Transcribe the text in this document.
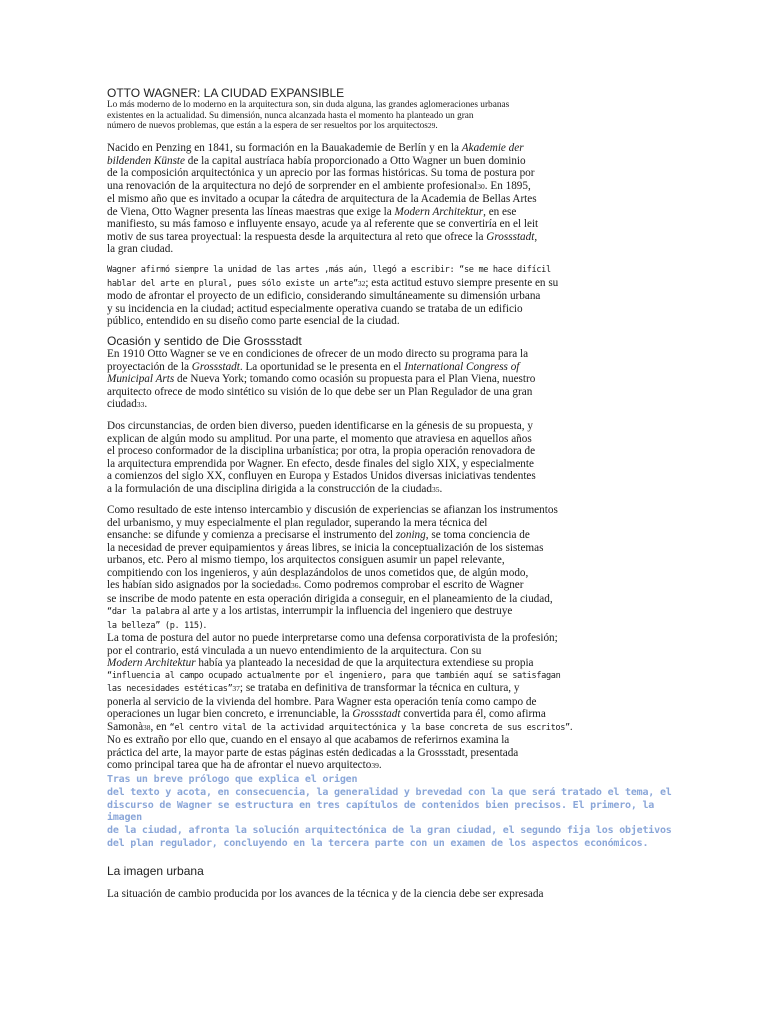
OTTO WAGNER: LA CIUDAD EXPANSIBLE
Lo más moderno de lo moderno en la arquitectura son, sin duda alguna, las grandes aglomeraciones urbanas
existentes en la actualidad. Su dimensión, nunca alcanzada hasta el momento ha planteado un gran
número de nuevos problemas, que están a la espera de ser resueltos por los arquitectos29.
Nacido en Penzing en 1841, su formación en la Bauakademie de Berlín y en la Akademie der
bildenden Künste de la capital austríaca había proporcionado a Otto Wagner un buen dominio
de la composición arquitectónica y un aprecio por las formas históricas. Su toma de postura por
una renovación de la arquitectura no dejó de sorprender en el ambiente profesional30. En 1895,
el mismo año que es invitado a ocupar la cátedra de arquitectura de la Academia de Bellas Artes
de Viena, Otto Wagner presenta las líneas maestras que exige la Modern Architektur, en ese
manifiesto, su más famoso e influyente ensayo, acude ya al referente que se convertiría en el leit
motiv de sus tarea proyectual: la respuesta desde la arquitectura al reto que ofrece la Grossstadt,
la gran ciudad.
Wagner afirmó siempre la unidad de las artes ,más aún, llegó a escribir: “se me hace difícil
hablar del arte en plural, pues sólo existe un arte”32; esta actitud estuvo siempre presente en su
modo de afrontar el proyecto de un edificio, considerando simultáneamente su dimensión urbana
y su incidencia en la ciudad; actitud especialmente operativa cuando se trataba de un edificio
público, entendido en su diseño como parte esencial de la ciudad.
Ocasión y sentido de Die Grossstadt
En 1910 Otto Wagner se ve en condiciones de ofrecer de un modo directo su programa para la
proyectación de la Grossstadt. La oportunidad se le presenta en el International Congress of
Municipal Arts de Nueva York; tomando como ocasión su propuesta para el Plan Viena, nuestro
arquitecto ofrece de modo sintético su visión de lo que debe ser un Plan Regulador de una gran
ciudad33.
Dos circunstancias, de orden bien diverso, pueden identificarse en la génesis de su propuesta, y
explican de algún modo su amplitud. Por una parte, el momento que atraviesa en aquellos años
el proceso conformador de la disciplina urbanística; por otra, la propia operación renovadora de
la arquitectura emprendida por Wagner. En efecto, desde finales del siglo XIX, y especialmente
a comienzos del siglo XX, confluyen en Europa y Estados Unidos diversas iniciativas tendentes
a la formulación de una disciplina dirigida a la construcción de la ciudad35.
Como resultado de este intenso intercambio y discusión de experiencias se afianzan los instrumentos
del urbanismo, y muy especialmente el plan regulador, superando la mera técnica del
ensanche: se difunde y comienza a precisarse el instrumento del zoning, se toma conciencia de
la necesidad de prever equipamientos y áreas libres, se inicia la conceptualización de los sistemas
urbanos, etc. Pero al mismo tiempo, los arquitectos consiguen asumir un papel relevante,
compitiendo con los ingenieros, y aún desplazándolos de unos cometidos que, de algún modo,
les habían sido asignados por la sociedad36. Como podremos comprobar el escrito de Wagner
se inscribe de modo patente en esta operación dirigida a conseguir, en el planeamiento de la ciudad,
“dar la palabra al arte y a los artistas, interrumpir la influencia del ingeniero que destruye
la belleza” (p. 115).
La toma de postura del autor no puede interpretarse como una defensa corporativista de la profesión;
por el contrario, está vinculada a un nuevo entendimiento de la arquitectura. Con su
Modern Architektur había ya planteado la necesidad de que la arquitectura extendiese su propia
“influencia al campo ocupado actualmente por el ingeniero, para que también aquí se satisfagan
las necesidades estéticas”37; se trataba en definitiva de transformar la técnica en cultura, y
ponerla al servicio de la vivienda del hombre. Para Wagner esta operación tenía como campo de
operaciones un lugar bien concreto, e irrenunciable, la Grossstadt convertida para él, como afirma
Samonà38, en “el centro vital de la actividad arquitectónica y la base concreta de sus escritos”.
No es extraño por ello que, cuando en el ensayo al que acabamos de referirnos examina la
práctica del arte, la mayor parte de estas páginas estén dedicadas a la Grossstadt, presentada
como principal tarea que ha de afrontar el nuevo arquitecto39.
Tras un breve prólogo que explica el origen
del texto y acota, en consecuencia, la generalidad y brevedad con la que será tratado el tema, el
discurso de Wagner se estructura en tres capítulos de contenidos bien precisos. El primero, la
imagen
de la ciudad, afronta la solución arquitectónica de la gran ciudad, el segundo fija los objetivos
del plan regulador, concluyendo en la tercera parte con un examen de los aspectos económicos.
La imagen urbana
La situación de cambio producida por los avances de la técnica y de la ciencia debe ser expresada
